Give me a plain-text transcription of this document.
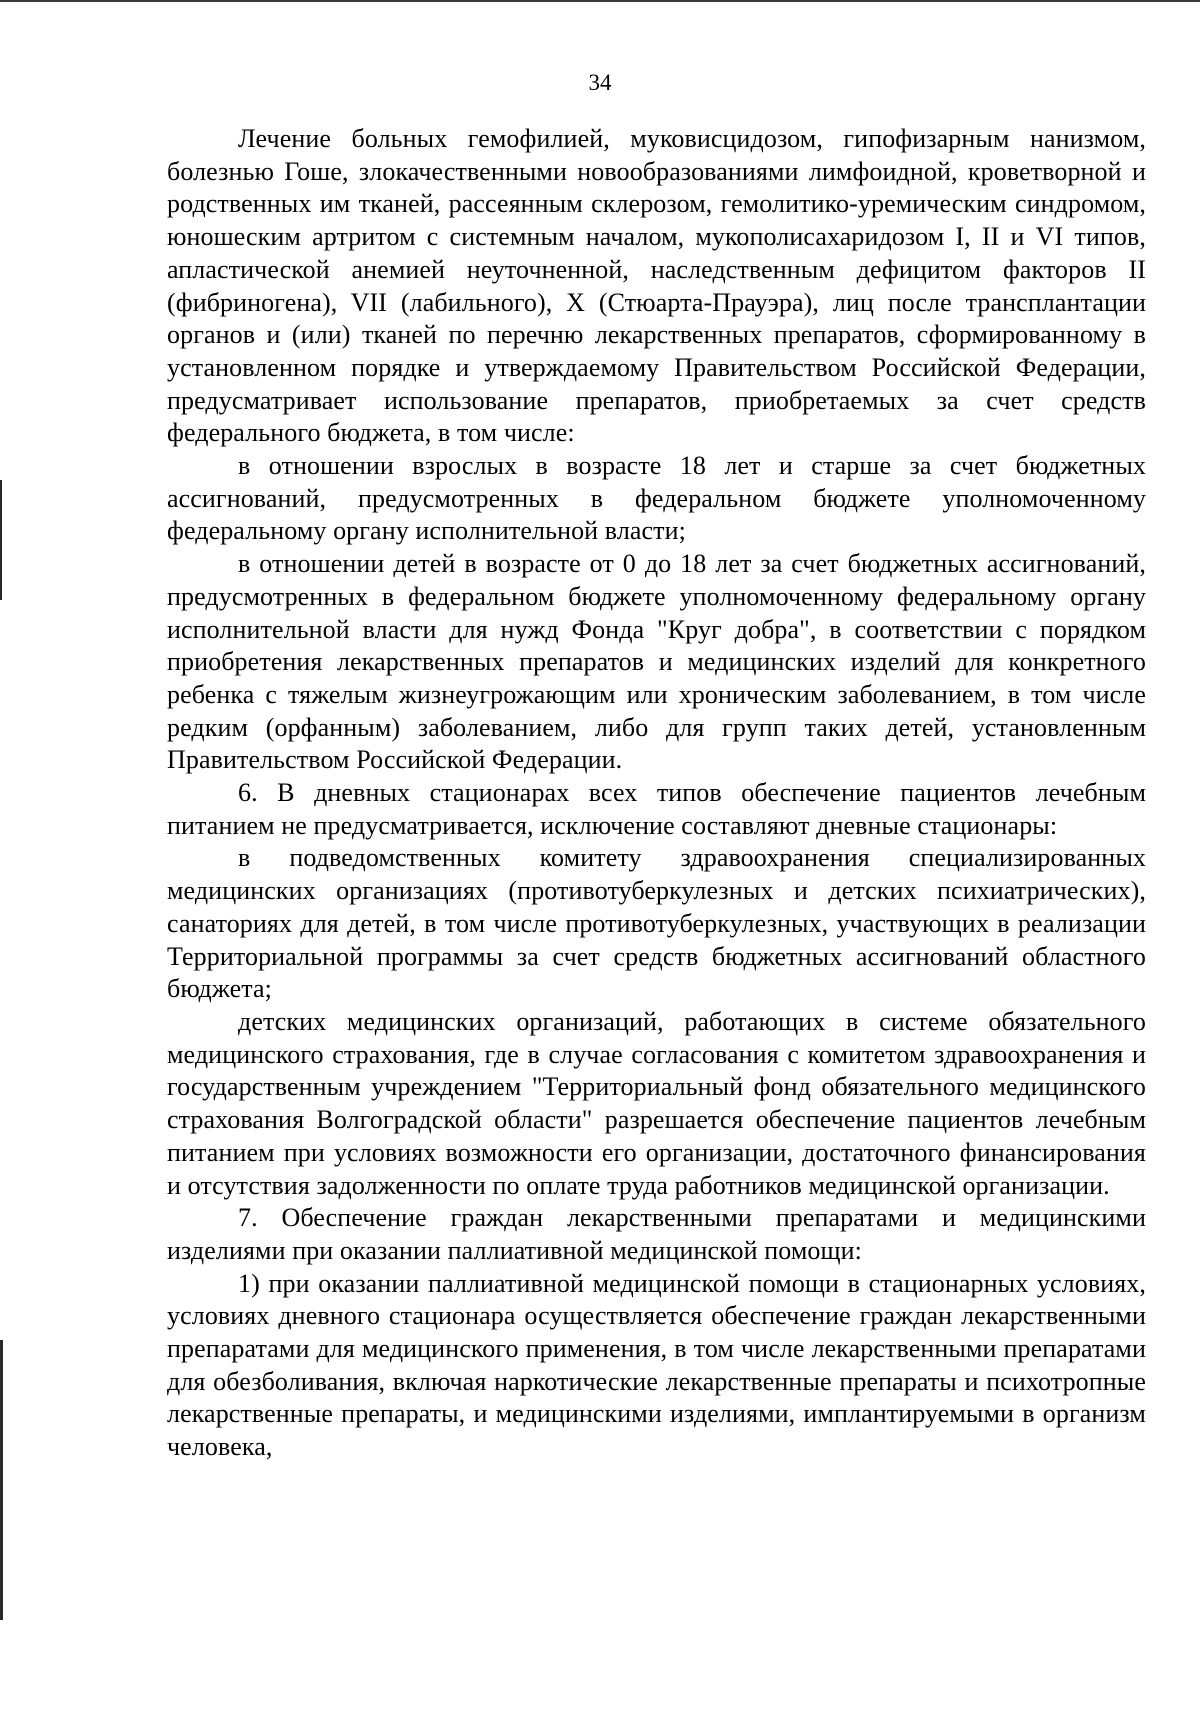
34

Лечение больных гемофилией, муковисцидозом, гипофизарным нанизмом, болезнью Гоше, злокачественными новообразованиями лимфоидной, кроветворной и родственных им тканей, рассеянным склерозом, гемолитико-уремическим синдромом, юношеским артритом с системным началом, мукополисахаридозом I, II и VI типов, апластической анемией неуточненной, наследственным дефицитом факторов II (фибриногена), VII (лабильного), X (Стюарта-Прауэра), лиц после трансплантации органов и (или) тканей по перечню лекарственных препаратов, сформированному в установленном порядке и утверждаемому Правительством Российской Федерации, предусматривает использование препаратов, приобретаемых за счет средств федерального бюджета, в том числе:

в отношении взрослых в возрасте 18 лет и старше за счет бюджетных ассигнований, предусмотренных в федеральном бюджете уполномоченному федеральному органу исполнительной власти;

в отношении детей в возрасте от 0 до 18 лет за счет бюджетных ассигнований, предусмотренных в федеральном бюджете уполномоченному федеральному органу исполнительной власти для нужд Фонда "Круг добра", в соответствии с порядком приобретения лекарственных препаратов и медицинских изделий для конкретного ребенка с тяжелым жизнеугрожающим или хроническим заболеванием, в том числе редким (орфанным) заболеванием, либо для групп таких детей, установленным Правительством Российской Федерации.

6. В дневных стационарах всех типов обеспечение пациентов лечебным питанием не предусматривается, исключение составляют дневные стационары:

в подведомственных комитету здравоохранения специализированных медицинских организациях (противотуберкулезных и детских психиатрических), санаториях для детей, в том числе противотуберкулезных, участвующих в реализации Территориальной программы за счет средств бюджетных ассигнований областного бюджета;

детских медицинских организаций, работающих в системе обязательного медицинского страхования, где в случае согласования с комитетом здравоохранения и государственным учреждением "Территориальный фонд обязательного медицинского страхования Волгоградской области" разрешается обеспечение пациентов лечебным питанием при условиях возможности его организации, достаточного финансирования и отсутствия задолженности по оплате труда работников медицинской организации.

7. Обеспечение граждан лекарственными препаратами и медицинскими изделиями при оказании паллиативной медицинской помощи:

1) при оказании паллиативной медицинской помощи в стационарных условиях, условиях дневного стационара осуществляется обеспечение граждан лекарственными препаратами для медицинского применения, в том числе лекарственными препаратами для обезболивания, включая наркотические лекарственные препараты и психотропные лекарственные препараты, и медицинскими изделиями, имплантируемыми в организм человека,
